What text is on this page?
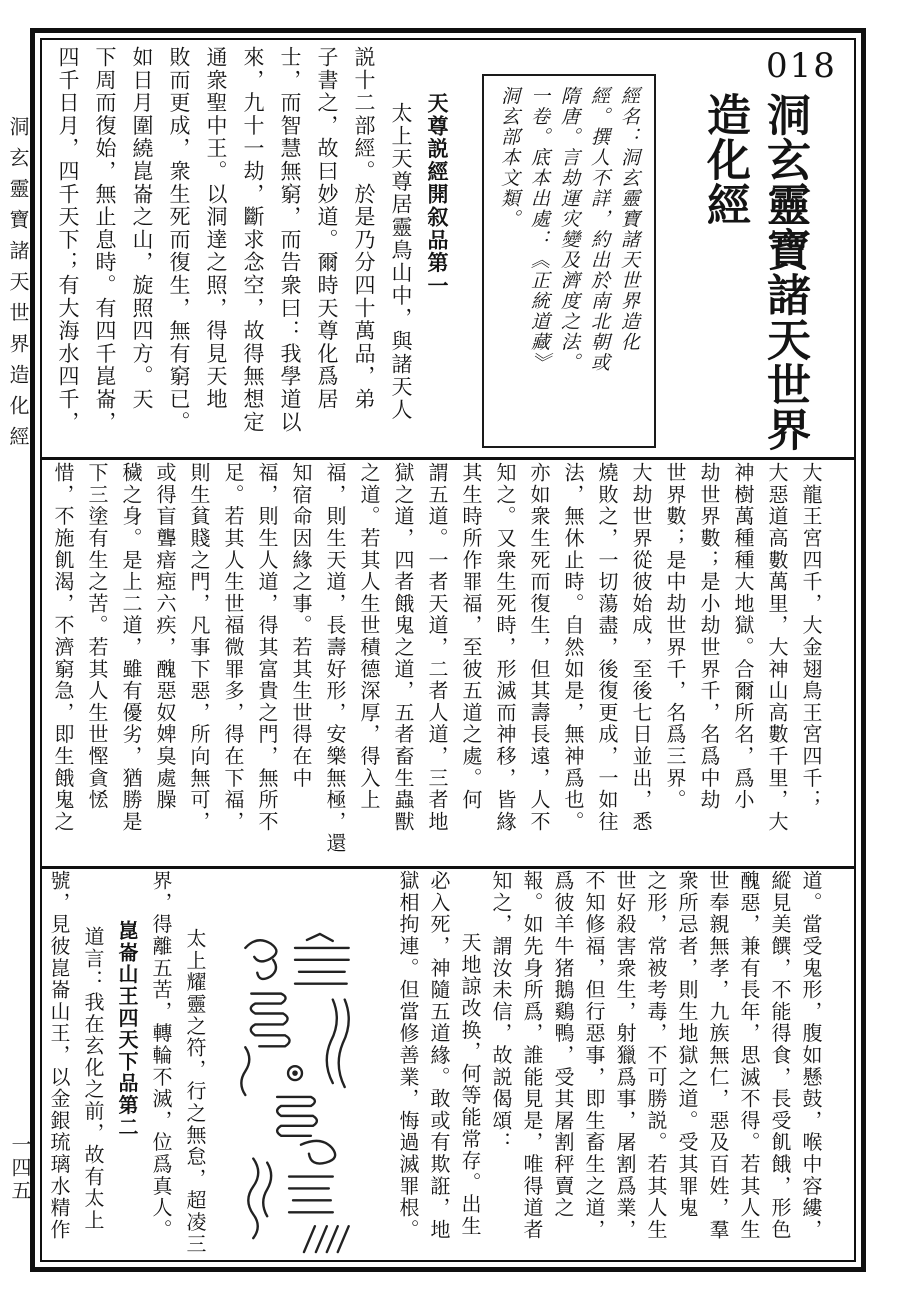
洞玄靈寶諸天世界造化經
一四五
018
洞玄靈寶諸天世界
造化經
經名：洞玄靈寶諸天世界造化
經。撰人不詳，約出於南北朝或
隋唐。言劫運灾變及濟度之法。
一卷。底本出處：《正統道藏》
洞玄部本文類。
天尊説經開叙品第一
太上天尊居靈鳥山中，與諸天人
説十二部經。於是乃分四十萬品，弟
子書之，故曰妙道。爾時天尊化爲居
士，而智慧無窮，而告衆曰：我學道以
來，九十一劫，斷求念空，故得無想定
通衆聖中王。以洞達之照，得見天地
敗而更成，衆生死而復生，無有窮已。
如日月圍繞崑崙之山，旋照四方。天
下周而復始，無止息時。有四千崑崙，
四千日月，四千天下；有大海水四千，
大龍王宮四千，大金翅鳥王宮四千；
大惡道高數萬里，大神山高數千里，大
神樹萬種種大地獄。合爾所名，爲小
劫世界數；是小劫世界千，名爲中劫
世界數；是中劫世界千，名爲三界。
大劫世界從彼始成，至後七日並出，悉
燒敗之，一切蕩盡，後復更成，一如往
法，無休止時。自然如是，無神爲也。
亦如衆生死而復生，但其壽長遠，人不
知之。又衆生死時，形滅而神移，皆緣
其生時所作罪福，至彼五道之處。何
謂五道。一者天道，二者人道，三者地
獄之道，四者餓鬼之道，五者畜生蟲獸
之道。若其人生世積德深厚，得入上
福，則生天道，長壽好形，安樂無極，還
知宿命因緣之事。若其生世得在中
福，則生人道，得其富貴之門，無所不
足。若其人生世福微罪多，得在下福，
則生貧賤之門，凡事下惡，所向無可，
或得盲聾瘖瘂六疾，醜惡奴婢臭處臊
穢之身。是上二道，雖有優劣，猶勝是
下三塗有生之苦。若其人生世慳貪恡
惜，不施飢渴，不濟窮急，即生餓鬼之
道。當受鬼形，腹如懸鼓，喉中容縷，
縱見美饌，不能得食，長受飢餓，形色
醜惡，兼有長年，思滅不得。若其人生
世奉親無孝，九族無仁，惡及百姓，羣
衆所忌者，則生地獄之道。受其罪鬼
之形，常被考毒，不可勝説。若其人生
世好殺害衆生，射獵爲事，屠割爲業，
不知修福，但行惡事，即生畜生之道，
爲彼羊牛猪鵝鷄鴨，受其屠割秤賣之
報。如先身所爲，誰能見是，唯得道者
知之，謂汝未信，故説偈頌：
天地諒改换，何等能常存。出生
必入死，神隨五道緣。敢或有欺誑，地
獄相拘連。但當修善業，悔過滅罪根。
太上耀靈之符，行之無怠，超凌三
界，得離五苦，轉輪不滅，位爲真人。
崑崙山王四天下品第二
道言：我在玄化之前，故有太上
號，見彼崑崙山王，以金銀琉璃水精作
